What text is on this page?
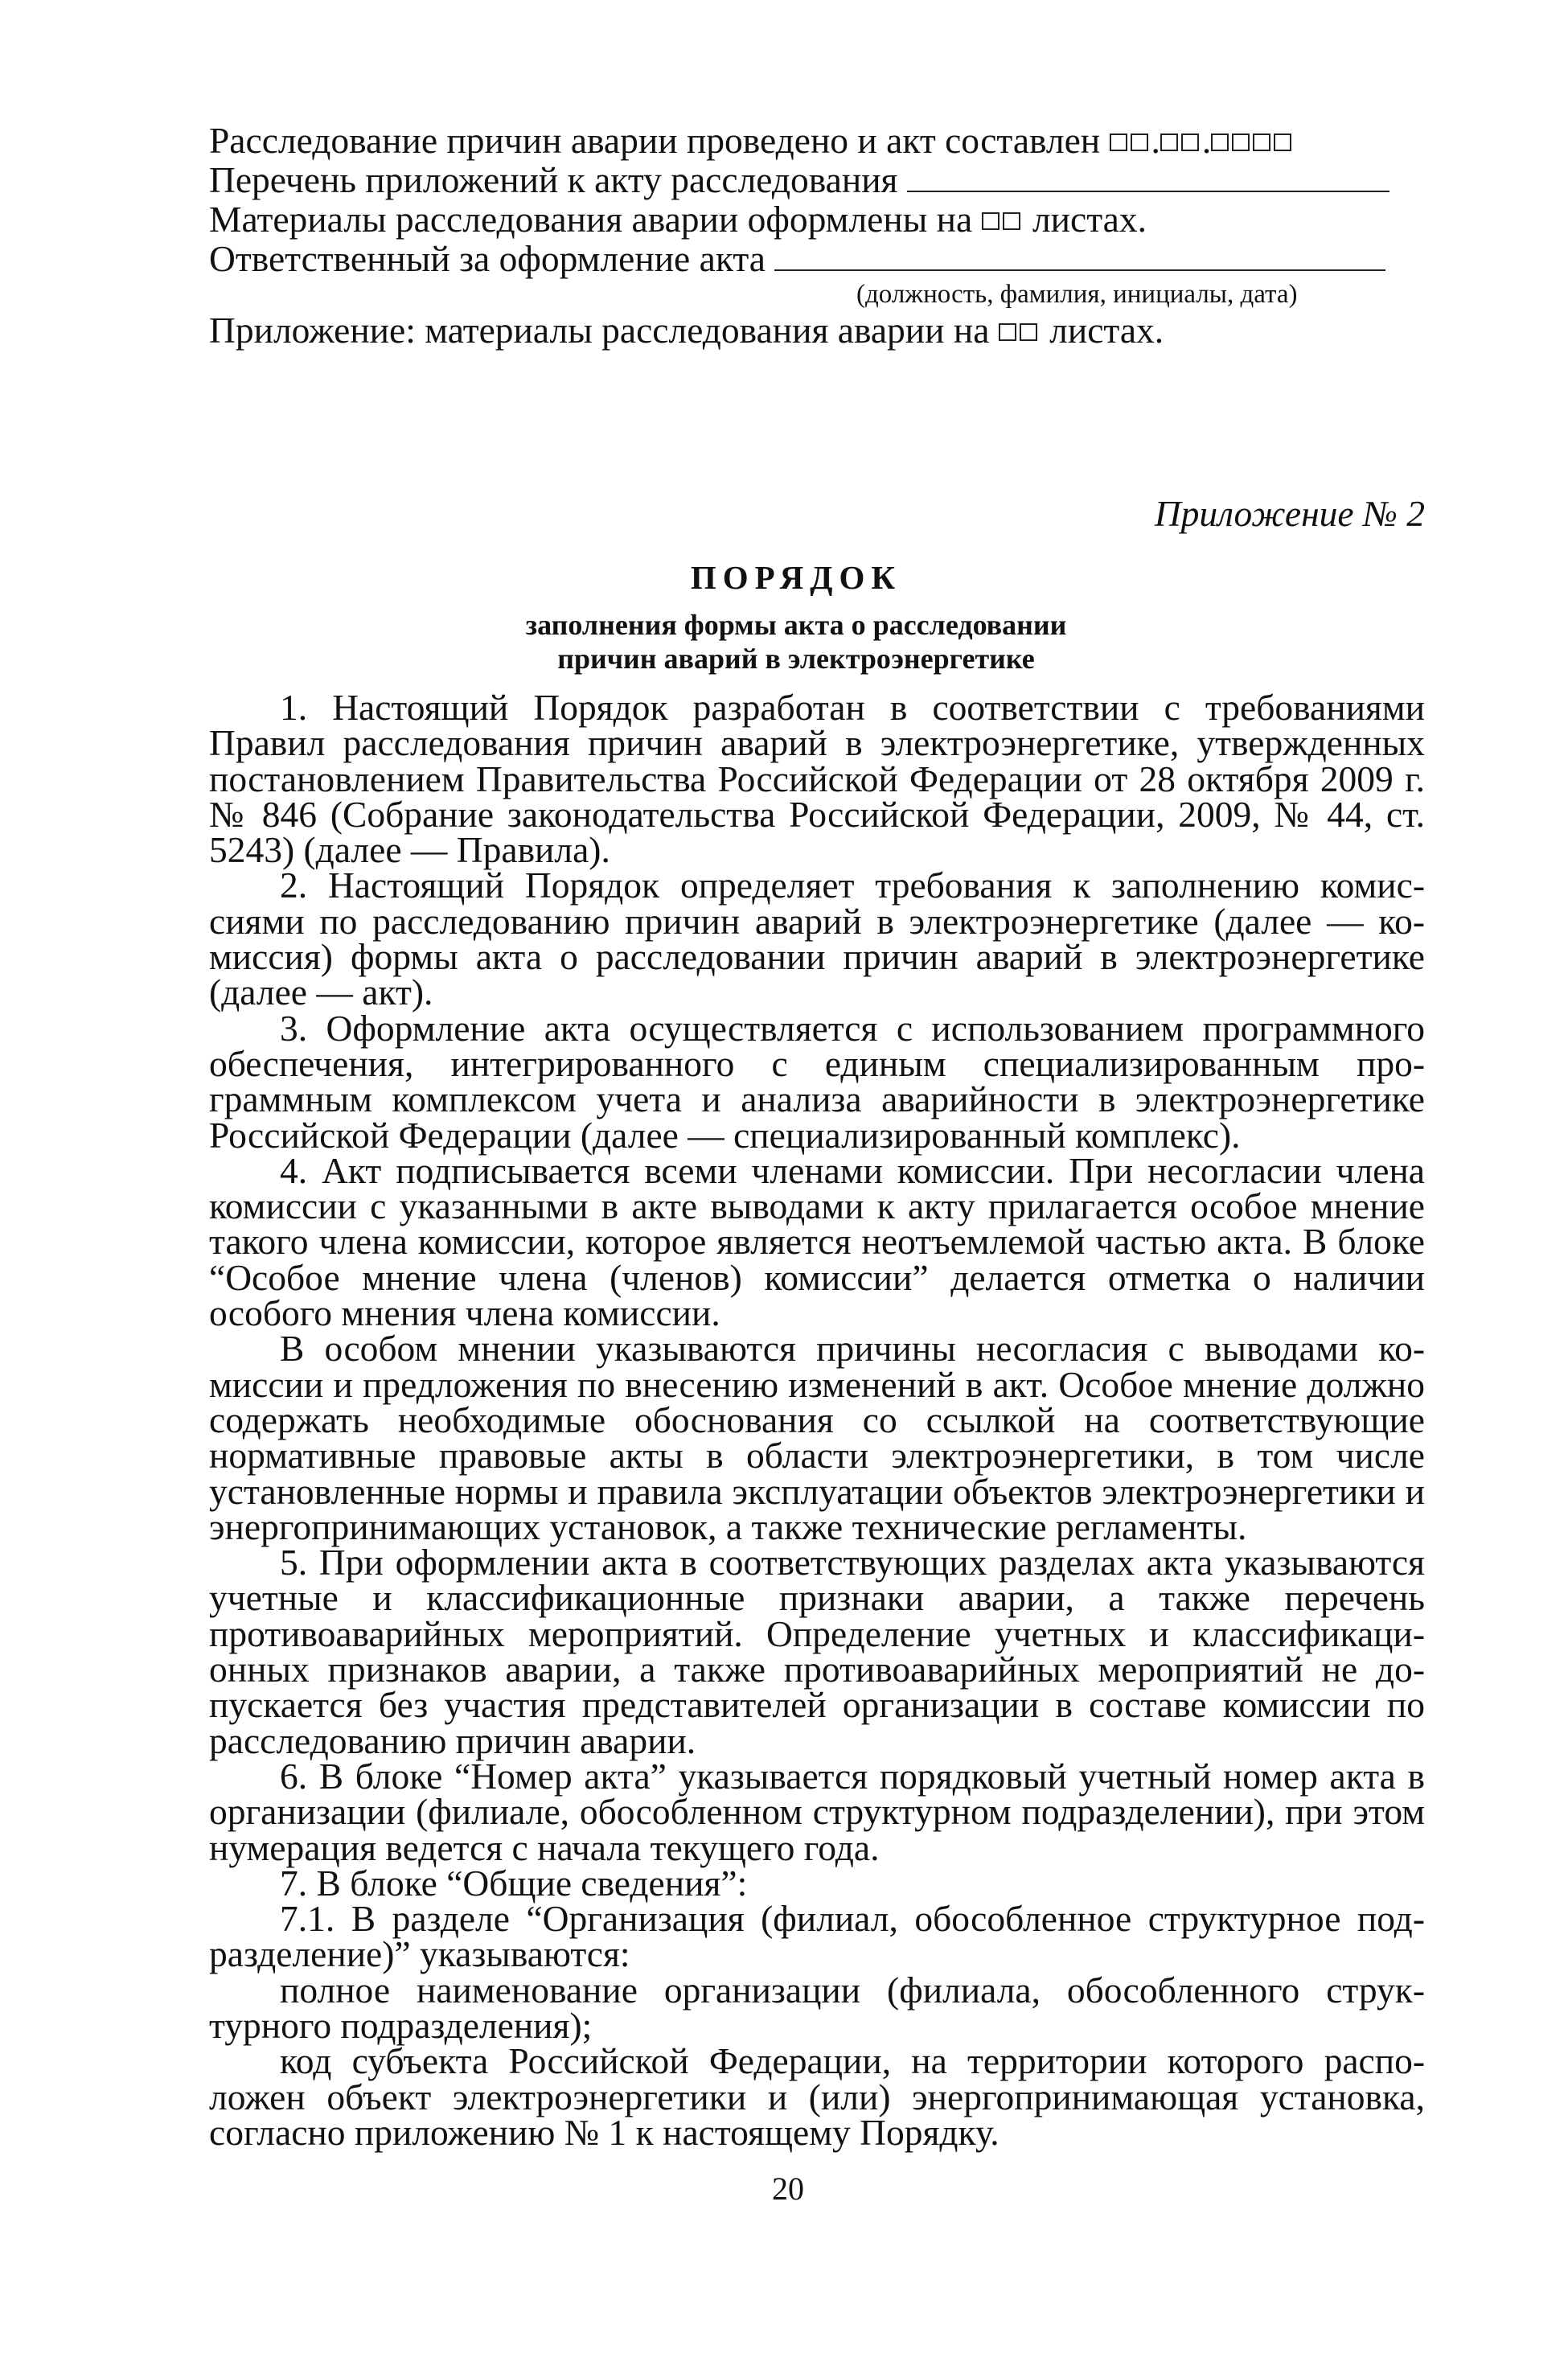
Расследование причин аварии проведено и акт составлен . .
Перечень приложений к акту расследования
Материалы расследования аварии оформлены на листах.
Ответственный за оформление акта
(должность, фамилия, инициалы, дата)
Приложение: материалы расследования аварии на листах.
Приложение № 2
ПОРЯДОК
заполнения формы акта о расследовании
причин аварий в электроэнергетике

1. Настоящий Порядок разработан в соответствии с требованиями Правил расследования причин аварий в электроэнергетике, утвержденных постановлением Правительства Российской Федерации от 28 октября 2009 г. № 846 (Собрание законодательства Российской Федерации, 2009, № 44, ст. 5243) (далее — Правила).

2. Настоящий Порядок определяет требования к заполнению комиссиями по расследованию причин аварий в электроэнергетике (далее — комиссия) формы акта о расследовании причин аварий в электроэнергетике (далее — акт).

3. Оформление акта осуществляется с использованием программного обеспечения, интегрированного с единым специализированным программным комплексом учета и анализа аварийности в электроэнергетике Российской Федерации (далее — специализированный комплекс).

4. Акт подписывается всеми членами комиссии. При несогласии члена комиссии с указанными в акте выводами к акту прилагается особое мнение такого члена комиссии, которое является неотъемлемой частью акта. В блоке “Особое мнение члена (членов) комиссии” делается отметка о наличии особого мнения члена комиссии.

В особом мнении указываются причины несогласия с выводами комиссии и предложения по внесению изменений в акт. Особое мнение должно содержать необходимые обоснования со ссылкой на соответствующие нормативные правовые акты в области электроэнергетики, в том числе установленные нормы и правила эксплуатации объектов электроэнергетики и энергопринимающих установок, а также технические регламенты.

5. При оформлении акта в соответствующих разделах акта указываются учетные и классификационные признаки аварии, а также перечень противоаварийных мероприятий. Определение учетных и классификационных признаков аварии, а также противоаварийных мероприятий не допускается без участия представителей организации в составе комиссии по расследованию причин аварии.

6. В блоке “Номер акта” указывается порядковый учетный номер акта в организации (филиале, обособленном структурном подразделении), при этом нумерация ведется с начала текущего года.

7. В блоке “Общие сведения”:

7.1. В разделе “Организация (филиал, обособленное структурное подразделение)” указываются:

полное наименование организации (филиала, обособленного структурного подразделения);

код субъекта Российской Федерации, на территории которого расположен объект электроэнергетики и (или) энергопринимающая установка, согласно приложению № 1 к настоящему Порядку.

20
